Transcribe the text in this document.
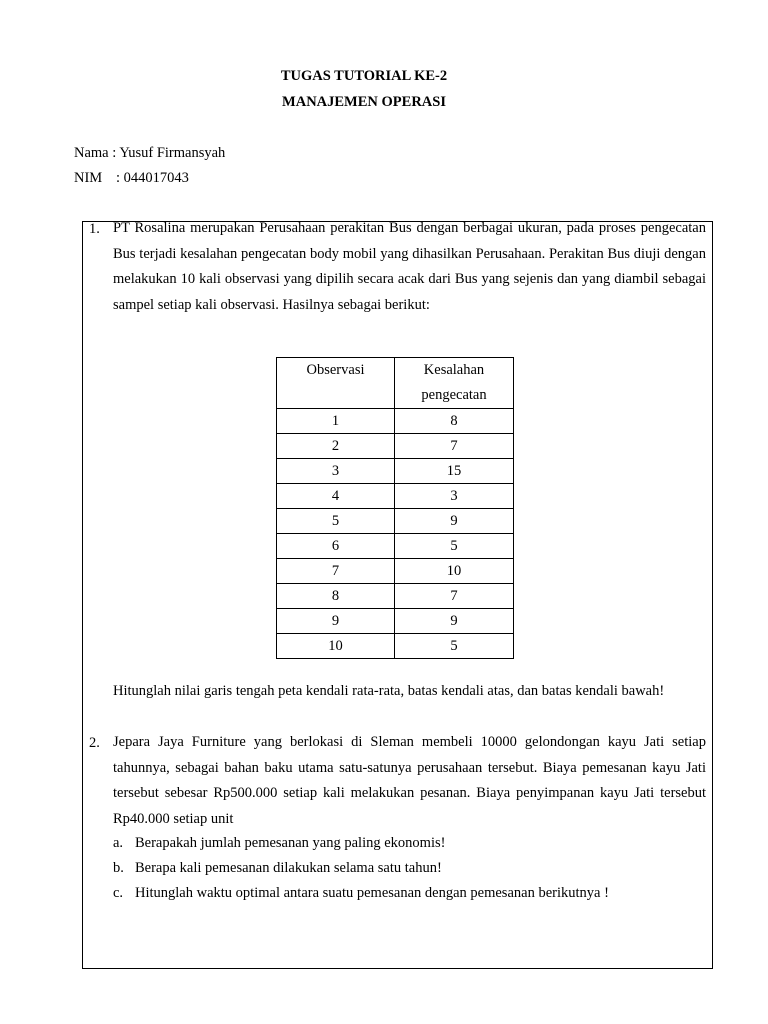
TUGAS TUTORIAL KE-2
MANAJEMEN OPERASI
Nama : Yusuf Firmansyah
NIM : 044017043
1. PT Rosalina merupakan Perusahaan perakitan Bus dengan berbagai ukuran, pada proses pengecatan Bus terjadi kesalahan pengecatan body mobil yang dihasilkan Perusahaan. Perakitan Bus diuji dengan melakukan 10 kali observasi yang dipilih secara acak dari Bus yang sejenis dan yang diambil sebagai sampel setiap kali observasi. Hasilnya sebagai berikut:
Observasi	Kesalahan pengecatan
1	8
2	7
3	15
4	3
5	9
6	5
7	10
8	7
9	9
10	5
Hitunglah nilai garis tengah peta kendali rata-rata, batas kendali atas, dan batas kendali bawah!
2. Jepara Jaya Furniture yang berlokasi di Sleman membeli 10000 gelondongan kayu Jati setiap tahunnya, sebagai bahan baku utama satu-satunya perusahaan tersebut. Biaya pemesanan kayu Jati tersebut sebesar Rp500.000 setiap kali melakukan pesanan. Biaya penyimpanan kayu Jati tersebut Rp40.000 setiap unit
a. Berapakah jumlah pemesanan yang paling ekonomis!
b. Berapa kali pemesanan dilakukan selama satu tahun!
c. Hitunglah waktu optimal antara suatu pemesanan dengan pemesanan berikutnya !
